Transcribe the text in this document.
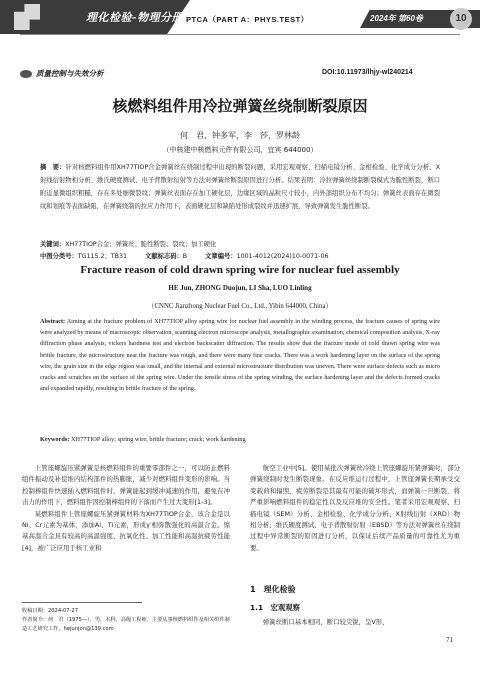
理化检验-物理分册 PTCA（PART A：PHYS.TEST）	2024年 第60卷	10
质量控制与失效分析	DOI:10.11973/lhjy-wl240214
核燃料组件用冷拉弹簧丝绕制断裂原因
何　君，钟多军，李　莎，罗林龄
（中核建中核燃料元件有限公司，宜宾 644000）
摘　要：针对核燃料组件用XH77TIOP合金弹簧丝在绕制过程中出现的断裂问题，采用宏观观察、扫描电镜分析、金相检验、化学成分分析、X射线衍射物相分析、维氏硬度测试、电子背散射衍射等方法对弹簧丝断裂原因进行分析。结果表明：冷拉弹簧丝绕制断裂模式为脆性断裂，断口附近显微组织粗糙，存在多处细微裂纹；弹簧丝表面存在加工硬化层，边缘区域的晶粒尺寸较小，内外部组织分布不均匀；弹簧丝表面存在微裂纹和划痕等表面缺陷，在弹簧绕制的拉应力作用下，表面硬化层和缺陷处形成裂纹并迅速扩展，导致弹簧发生脆性断裂。
关键词：XH77TIOP合金；弹簧丝；脆性断裂；裂纹；加工硬化
中图分类号：TG115.2；TB31	文献标志码：B	文章编号：1001-4012(2024)10-0071-06
Fracture reason of cold drawn spring wire for nuclear fuel assembly
HE Jun, ZHONG Duojun, LI Sha, LUO Linling
（CNNC Jianzhong Nuclear Fuel Co., Ltd., Yibin 644000, China）
Abstract: Aiming at the fracture problem of XH77TIOP alloy spring wire for nuclear fuel assembly in the winding process, the fracture causes of spring wire were analyzed by means of macroscopic observation, scanning electron microscope analysis, metallographic examination, chemical composition analysis, X-ray diffraction phase analysis, vickers hardness test and electron backscatter diffraction. The results show that the fracture mode of cold drawn spring wire was brittle fracture, the microstructure near the fracture was rough, and there were many fine cracks. There was a work hardening layer on the surface of the spring wire, the grain size in the edge region was small, and the internal and external microstructure distribution was uneven. There were surface defects such as micro cracks and scratches on the surface of the spring wire. Under the tensile stress of the spring winding, the surface hardening layer and the defects formed cracks and expanded rapidly, resulting in brittle fracture of the spring.
Keywords: XH77TIOP alloy; spring wire; brittle fracture; crack; work hardening

上管座螺旋压紧弹簧是核燃料组件的重要零部件之一，可以防止燃料组件振动及补偿堆内结构部件的热膨胀，减少对燃料组件变形的影响。当控制棒组件快速插入燃料组件时，弹簧能起到缓冲减速的作用，避免在冲击力的作用下，燃料组件因控制棒组件的下落而产生过大变形[1-3]。

某燃料组件上管座螺旋压紧弹簧材料为XH77TIOP合金，该合金是以Ni、Cr元素为基体，添加Al、Ti元素，形成γ′相弥散强化的高温合金。镍基高温合金具有较高的高温强度、抗氧化性、加工性能和高温抗疲劳性能[4]，被广泛应用于核工业和

航空工业中[5]。使用某批次弹簧丝冷绕上管座螺旋压紧弹簧时，部分弹簧绕制时发生断裂现象。在反应堆运行过程中，上管座弹簧长期承受交变载荷和辐照，疲劳断裂是其最有可能的破坏形式，而弹簧一旦断裂，将严重影响燃料组件的稳定性以及反应堆的安全性。笔者采用宏观观察、扫描电镜（SEM）分析、金相检验、化学成分分析、X射线衍射（XRD）物相分析、维氏硬度测试、电子背散射衍射（EBSD）等方法对弹簧丝在绕制过程中异常断裂的原因进行分析，以保证后续产品质量的可靠性尤为重要。

收稿日期：2024-07-27
作者简介：何　君（1975—），男，本科，高级工程师，主要从事核燃料组件及相关组件制造工艺研究工作，hejunjon@139.com
1　理化检验
1.1　宏观观察
弹簧丝断口基本相同，断口较尖锐，呈V形，
71
